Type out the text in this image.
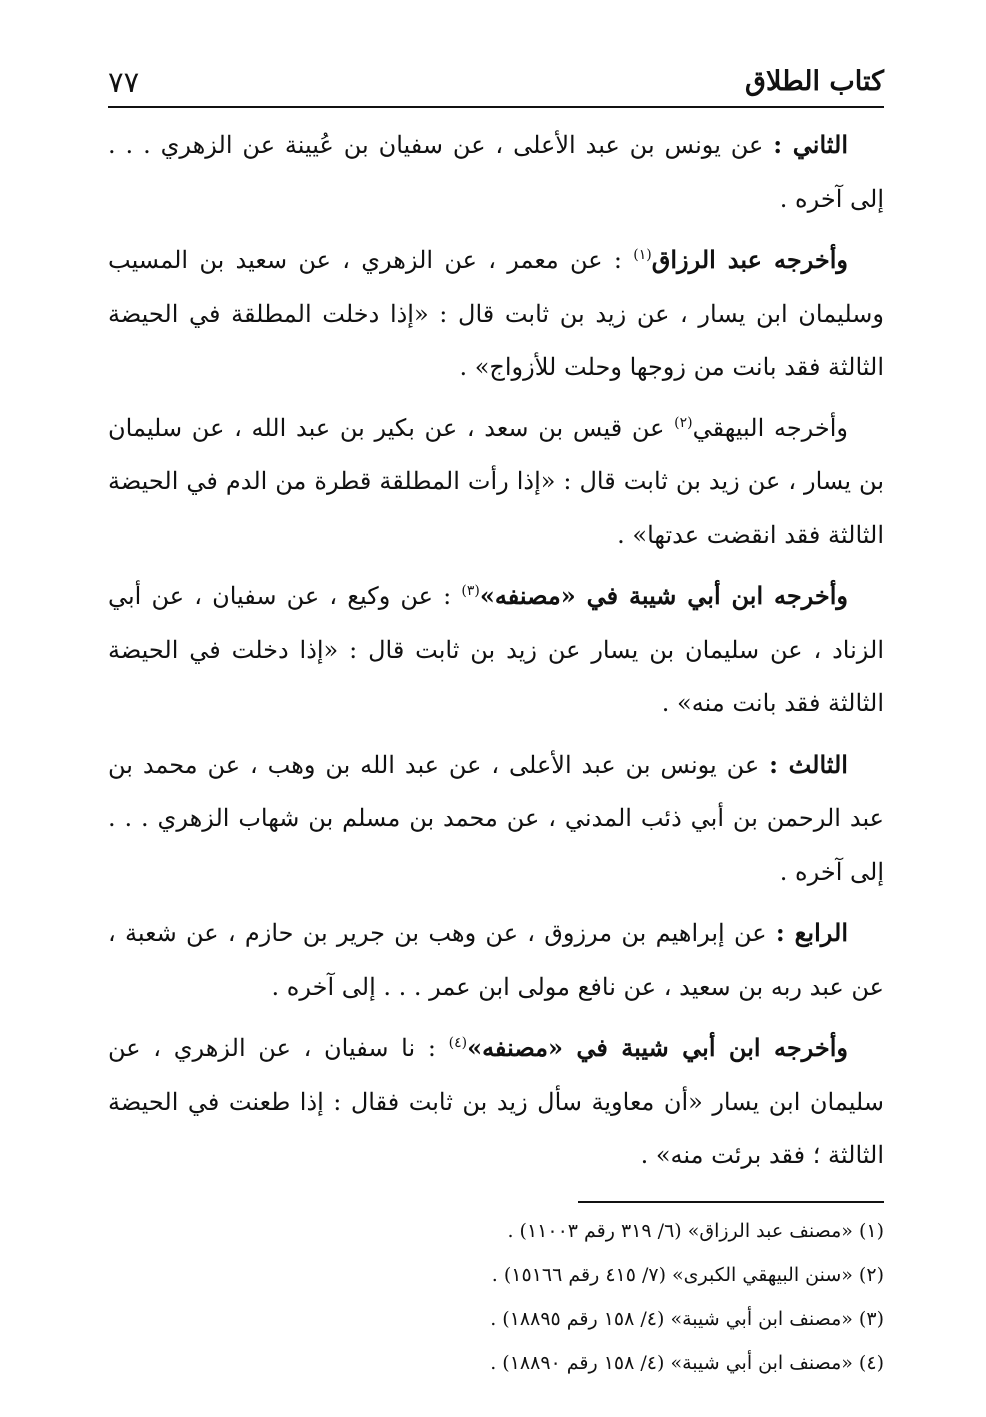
كتاب الطلاق
٧٧

الثاني : عن يونس بن عبد الأعلى ، عن سفيان بن عُيينة عن الزهري . . . إلى آخره .

وأخرجه عبد الرزاق$^{(١)}$ : عن معمر ، عن الزهري ، عن سعيد بن المسيب وسليمان ابن يسار ، عن زيد بن ثابت قال : «إذا دخلت المطلقة في الحيضة الثالثة فقد بانت من زوجها وحلت للأزواج» .

وأخرجه البيهقي$^{(٢)}$ عن قيس بن سعد ، عن بكير بن عبد الله ، عن سليمان بن يسار ، عن زيد بن ثابت قال : «إذا رأت المطلقة قطرة من الدم في الحيضة الثالثة فقد انقضت عدتها» .

وأخرجه ابن أبي شيبة في «مصنفه»$^{(٣)}$ : عن وكيع ، عن سفيان ، عن أبي الزناد ، عن سليمان بن يسار عن زيد بن ثابت قال : «إذا دخلت في الحيضة الثالثة فقد بانت منه» .

الثالث : عن يونس بن عبد الأعلى ، عن عبد الله بن وهب ، عن محمد بن عبد الرحمن بن أبي ذئب المدني ، عن محمد بن مسلم بن شهاب الزهري . . . إلى آخره .

الرابع : عن إبراهيم بن مرزوق ، عن وهب بن جرير بن حازم ، عن شعبة ، عن عبد ربه بن سعيد ، عن نافع مولى ابن عمر . . . إلى آخره .

وأخرجه ابن أبي شيبة في «مصنفه»$^{(٤)}$ : نا سفيان ، عن الزهري ، عن سليمان ابن يسار «أن معاوية سأل زيد بن ثابت فقال : إذا طعنت في الحيضة الثالثة ؛ فقد برئت منه» .

(١) «مصنف عبد الرزاق» (٦/ ٣١٩ رقم ١١٠٠٣) .

(٢) «سنن البيهقي الكبرى» (٧/ ٤١٥ رقم ١٥١٦٦) .

(٣) «مصنف ابن أبي شيبة» (٤/ ١٥٨ رقم ١٨٨٩٥) .

(٤) «مصنف ابن أبي شيبة» (٤/ ١٥٨ رقم ١٨٨٩٠) .
